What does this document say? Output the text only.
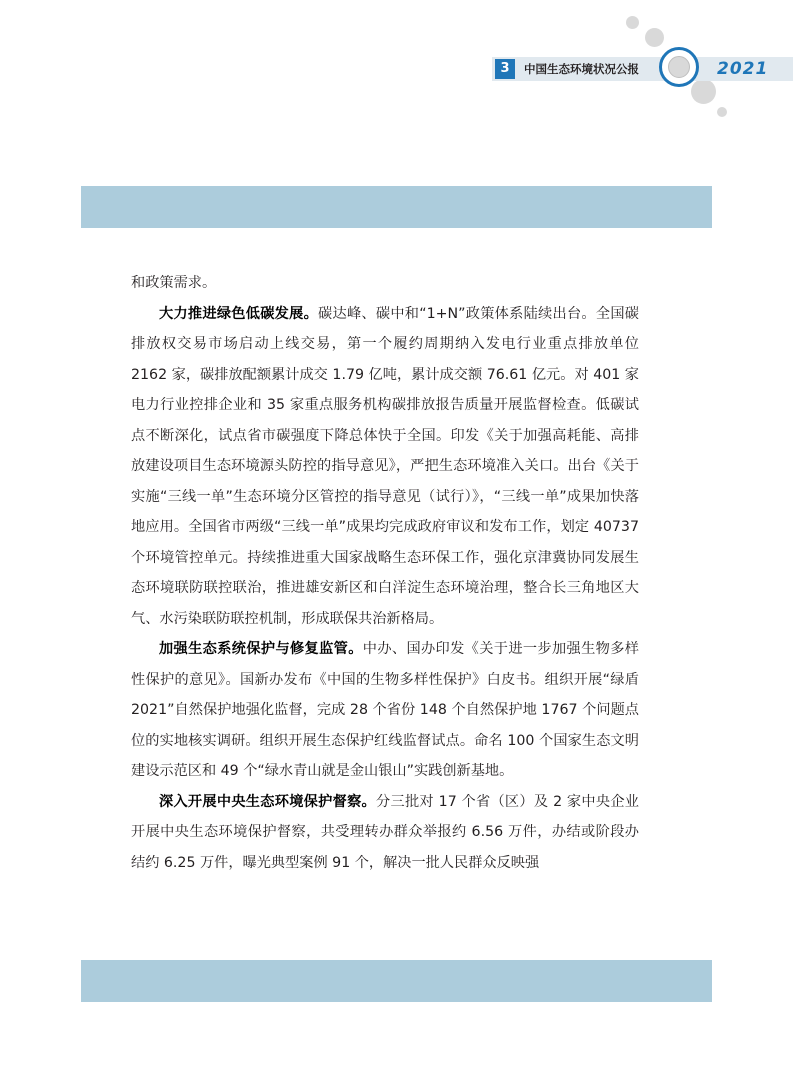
3	中国生态环境状况公报	2021

和政策需求。

大力推进绿色低碳发展。碳达峰、碳中和“1+N”政策体系陆续出台。全国碳排放权交易市场启动上线交易，第一个履约周期纳入发电行业重点排放单位 2162 家，碳排放配额累计成交 1.79 亿吨，累计成交额 76.61 亿元。对 401 家电力行业控排企业和 35 家重点服务机构碳排放报告质量开展监督检查。低碳试点不断深化，试点省市碳强度下降总体快于全国。印发《关于加强高耗能、高排放建设项目生态环境源头防控的指导意见》，严把生态环境准入关口。出台《关于实施“三线一单”生态环境分区管控的指导意见（试行）》，“三线一单”成果加快落地应用。全国省市两级“三线一单”成果均完成政府审议和发布工作，划定 40737 个环境管控单元。持续推进重大国家战略生态环保工作，强化京津冀协同发展生态环境联防联控联治，推进雄安新区和白洋淀生态环境治理，整合长三角地区大气、水污染联防联控机制，形成联保共治新格局。

加强生态系统保护与修复监管。中办、国办印发《关于进一步加强生物多样性保护的意见》。国新办发布《中国的生物多样性保护》白皮书。组织开展“绿盾 2021”自然保护地强化监督，完成 28 个省份 148 个自然保护地 1767 个问题点位的实地核实调研。组织开展生态保护红线监督试点。命名 100 个国家生态文明建设示范区和 49 个“绿水青山就是金山银山”实践创新基地。

深入开展中央生态环境保护督察。分三批对 17 个省（区）及 2 家中央企业开展中央生态环境保护督察，共受理转办群众举报约 6.56 万件，办结或阶段办结约 6.25 万件，曝光典型案例 91 个，解决一批人民群众反映强
